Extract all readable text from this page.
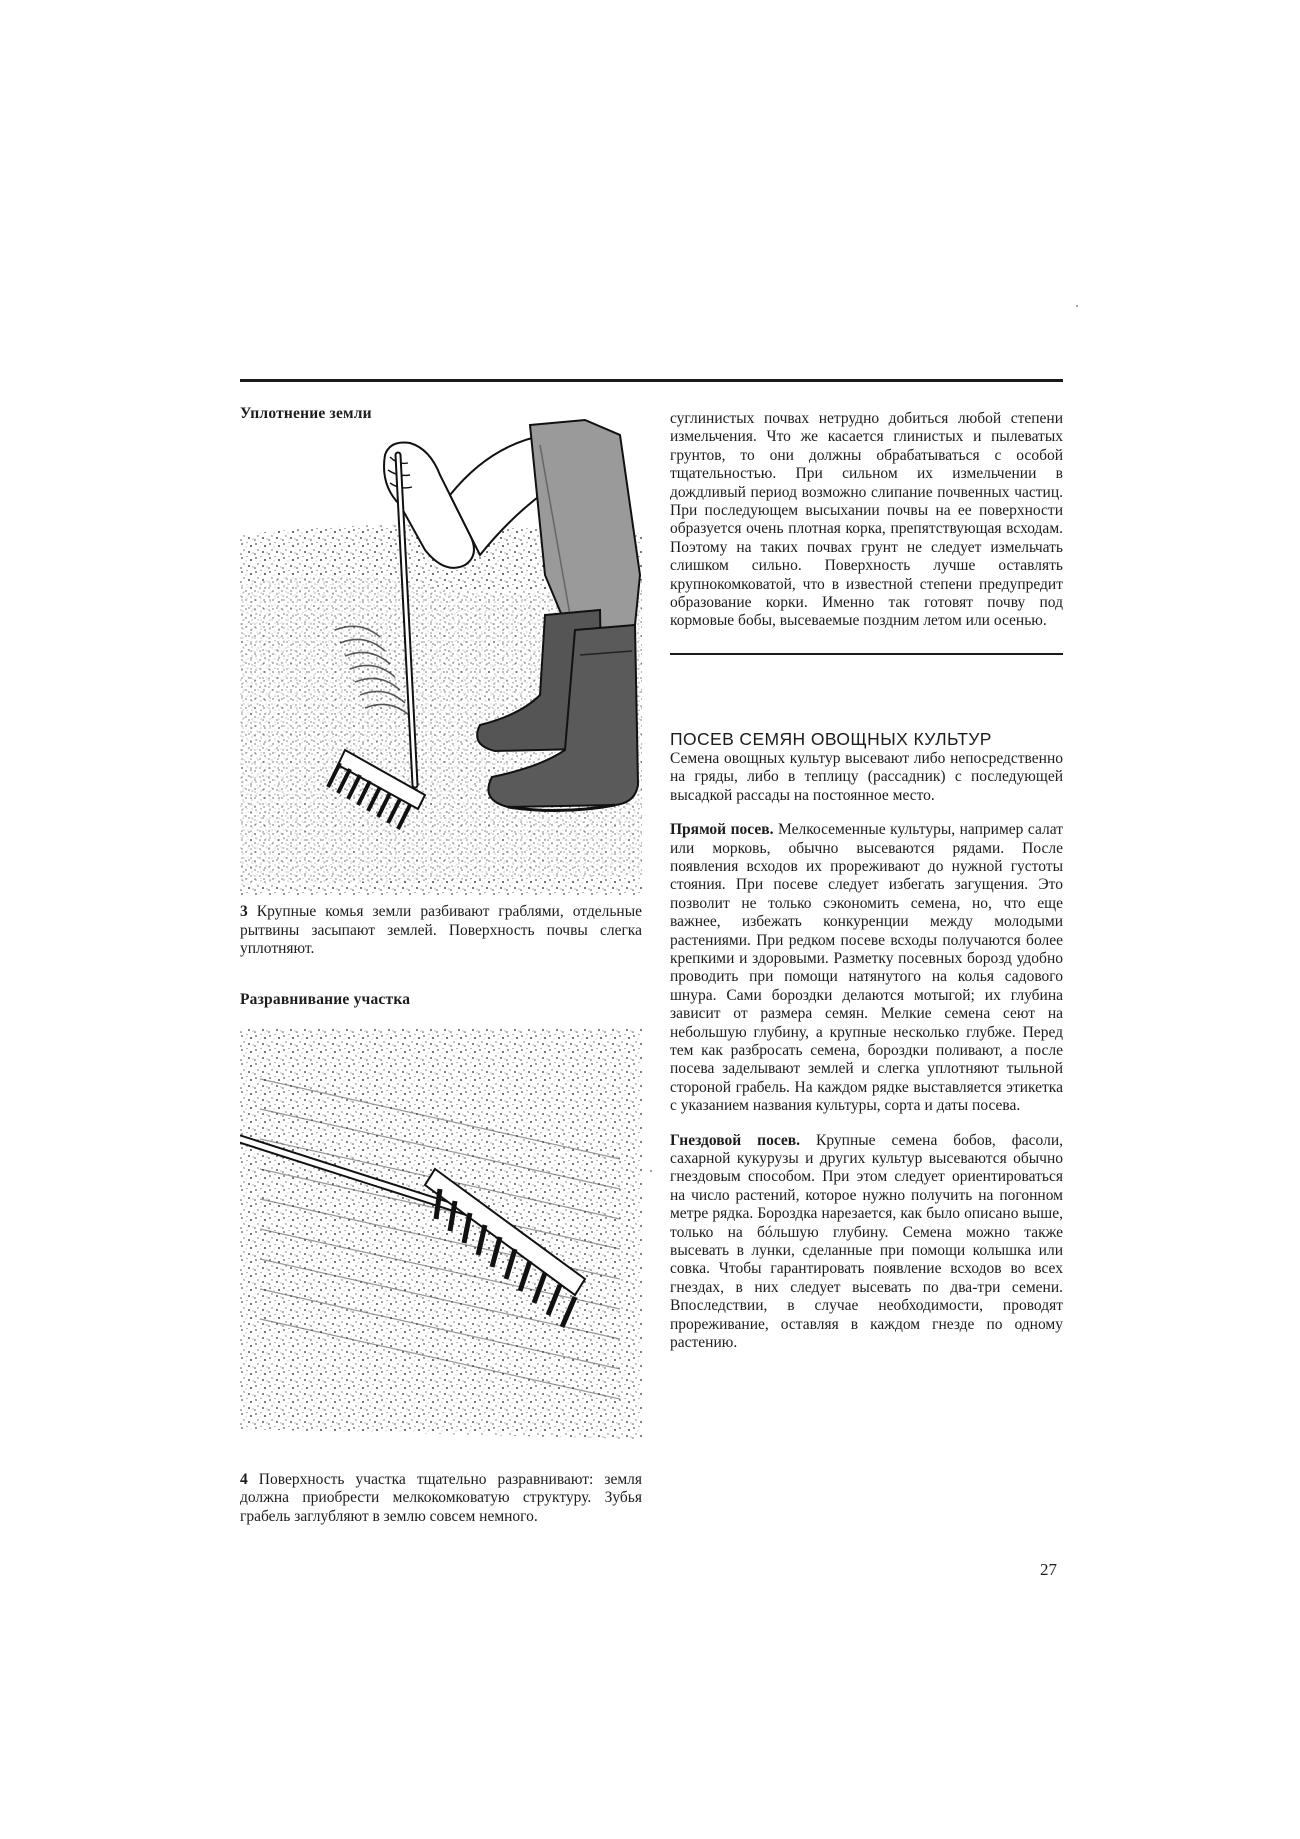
Уплотнение земли

3 Крупные комья земли разбивают граблями, отдельные рытвины засыпают землей. Поверхность почвы слегка уплотняют.

Разравнивание участка

4 Поверхность участка тщательно разравнивают: земля должна приобрести мелкокомковатую структуру. Зубья грабель заглубляют в землю совсем немного.

суглинистых почвах нетрудно добиться любой степени измельчения. Что же касается глинистых и пылеватых грунтов, то они должны обрабатываться с особой тщательностью. При сильном их измельчении в дождливый период возможно слипание почвенных частиц. При последующем высыхании почвы на ее поверхности образуется очень плотная корка, препятствующая всходам. Поэтому на таких почвах грунт не следует измельчать слишком сильно. Поверхность лучше оставлять крупнокомковатой, что в известной степени предупредит образование корки. Именно так готовят почву под кормовые бобы, высеваемые поздним летом или осенью.

ПОСЕВ СЕМЯН ОВОЩНЫХ КУЛЬТУР

Семена овощных культур высевают либо непосредственно на гряды, либо в теплицу (рассадник) с последующей высадкой рассады на постоянное место.

Прямой посев. Мелкосеменные культуры, например салат или морковь, обычно высеваются рядами. После появления всходов их прореживают до нужной густоты стояния. При посеве следует избегать загущения. Это позволит не только сэкономить семена, но, что еще важнее, избежать конкуренции между молодыми растениями. При редком посеве всходы получаются более крепкими и здоровыми. Разметку посевных борозд удобно проводить при помощи натянутого на колья садового шнура. Сами бороздки делаются мотыгой; их глубина зависит от размера семян. Мелкие семена сеют на небольшую глубину, а крупные несколько глубже. Перед тем как разбросать семена, бороздки поливают, а после посева заделывают землей и слегка уплотняют тыльной стороной грабель. На каждом рядке выставляется этикетка с указанием названия культуры, сорта и даты посева.

Гнездовой посев. Крупные семена бобов, фасоли, сахарной кукурузы и других культур высеваются обычно гнездовым способом. При этом следует ориентироваться на число растений, которое нужно получить на погонном метре рядка. Бороздка нарезается, как было описано выше, только на бóльшую глубину. Семена можно также высевать в лунки, сделанные при помощи колышка или совка. Чтобы гарантировать появление всходов во всех гнездах, в них следует высевать по два-три семени. Впоследствии, в случае необходимости, проводят прореживание, оставляя в каждом гнезде по одному растению.

27
